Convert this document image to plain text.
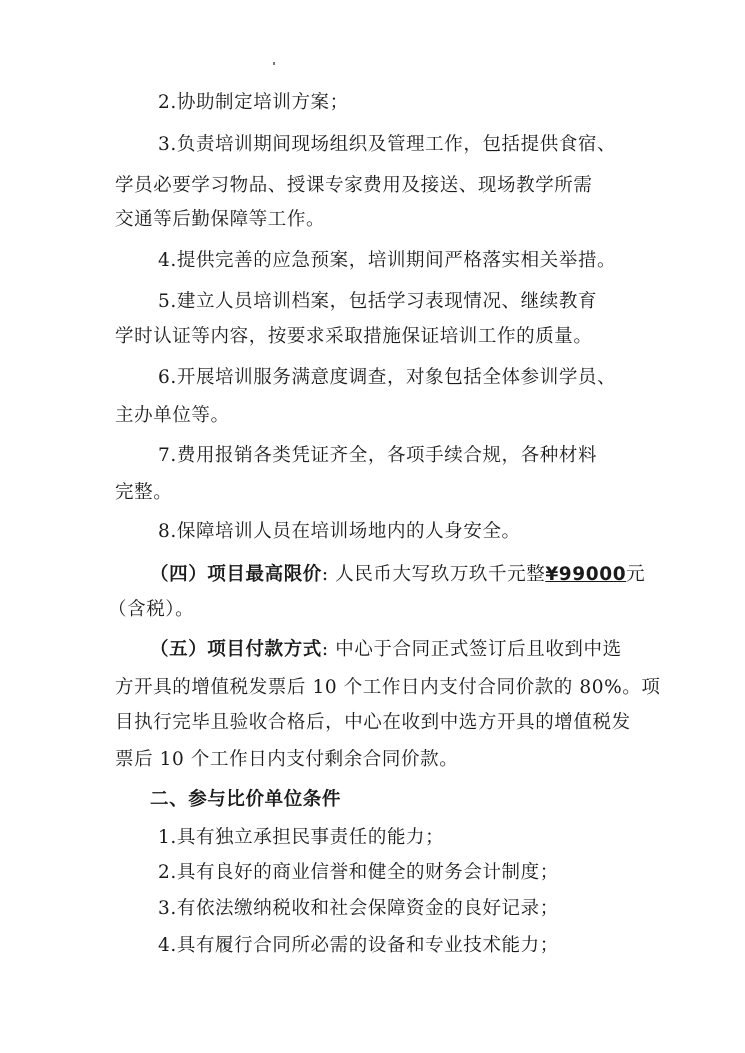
2.协助制定培训方案；
3.负责培训期间现场组织及管理工作，包括提供食宿、
学员必要学习物品、授课专家费用及接送、现场教学所需
交通等后勤保障等工作。
4.提供完善的应急预案，培训期间严格落实相关举措。
5.建立人员培训档案，包括学习表现情况、继续教育
学时认证等内容，按要求采取措施保证培训工作的质量。
6.开展培训服务满意度调查，对象包括全体参训学员、
主办单位等。
7.费用报销各类凭证齐全，各项手续合规，各种材料
完整。
8.保障培训人员在培训场地内的人身安全。
（四）项目最高限价: 人民币大写玖万玖千元整¥99000元
（含税）。
（五）项目付款方式: 中心于合同正式签订后且收到中选
方开具的增值税发票后 10 个工作日内支付合同价款的 80%。项
目执行完毕且验收合格后，中心在收到中选方开具的增值税发
票后 10 个工作日内支付剩余合同价款。
二、参与比价单位条件
1.具有独立承担民事责任的能力；
2.具有良好的商业信誉和健全的财务会计制度；
3.有依法缴纳税收和社会保障资金的良好记录；
4.具有履行合同所必需的设备和专业技术能力；
